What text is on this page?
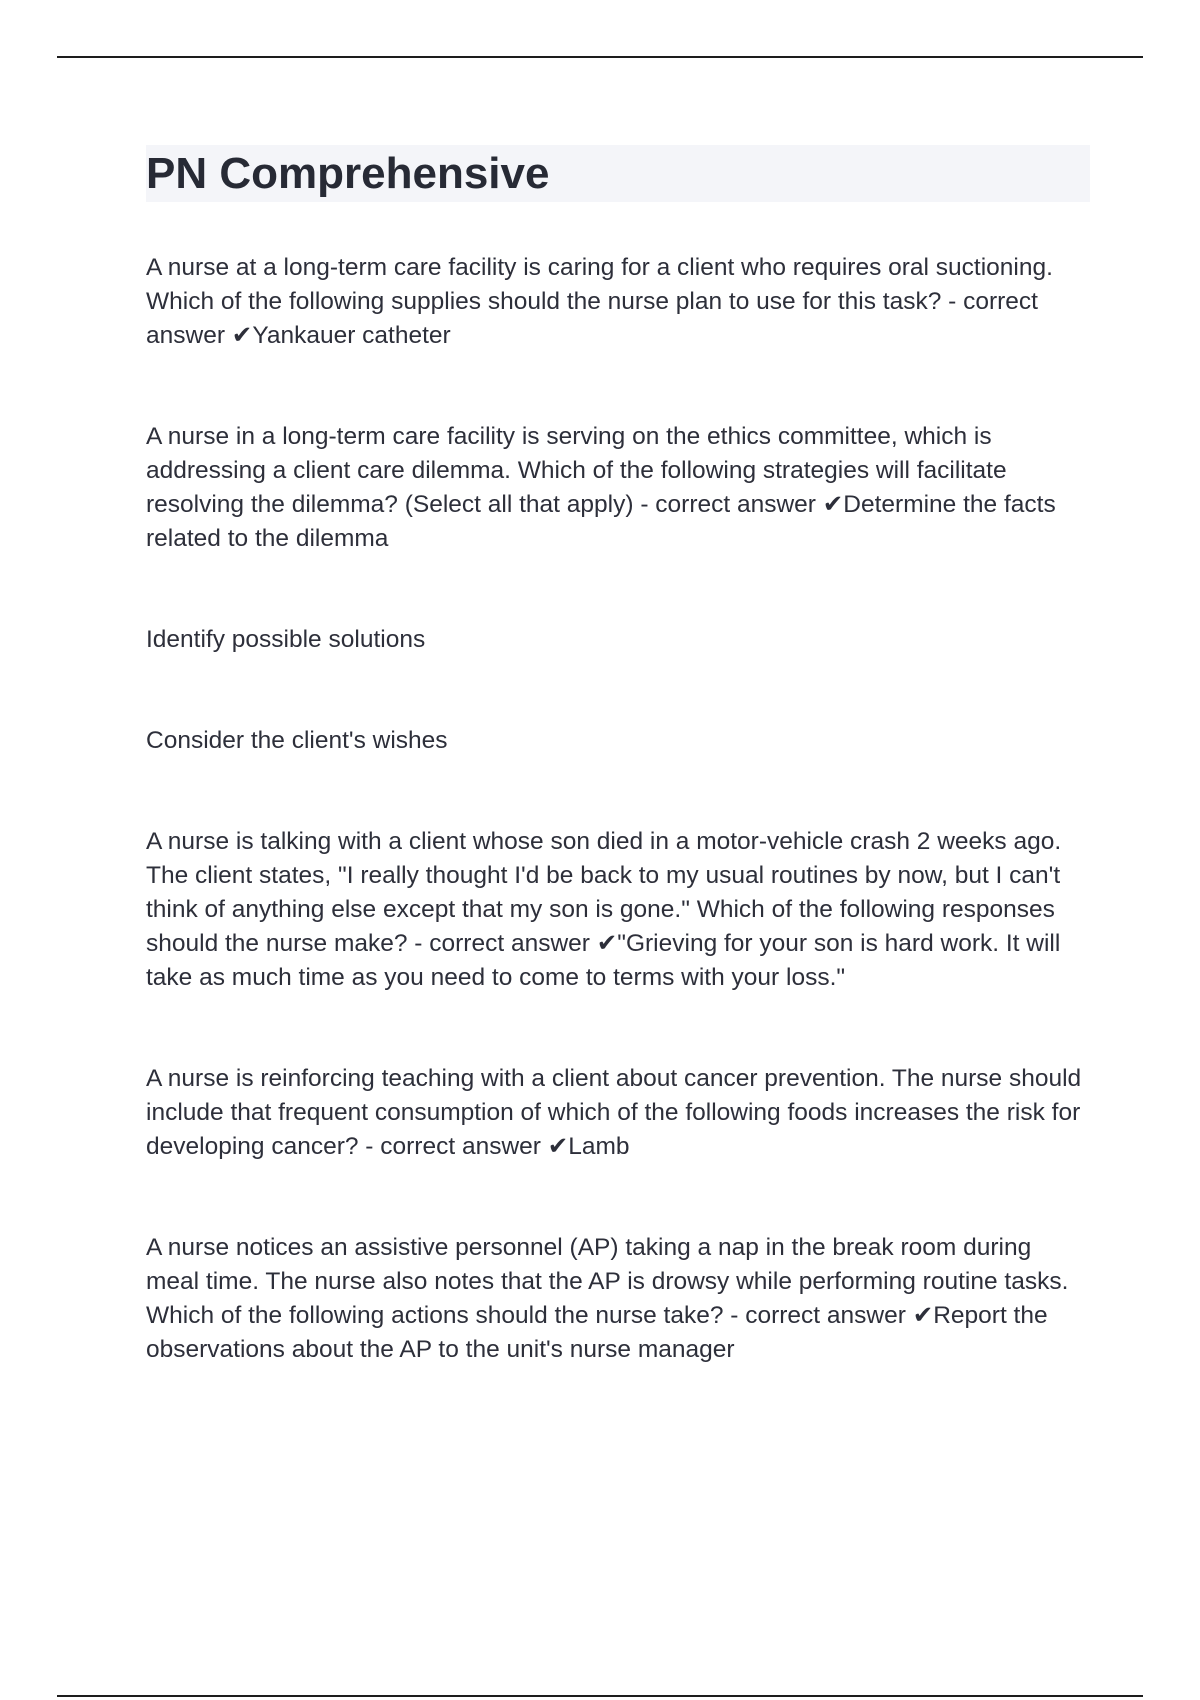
PN Comprehensive

A nurse at a long-term care facility is caring for a client who requires oral suctioning. Which of the following supplies should the nurse plan to use for this task? - correct answer ✔Yankauer catheter

A nurse in a long-term care facility is serving on the ethics committee, which is addressing a client care dilemma. Which of the following strategies will facilitate resolving the dilemma? (Select all that apply) - correct answer ✔Determine the facts related to the dilemma

Identify possible solutions

Consider the client's wishes

A nurse is talking with a client whose son died in a motor-vehicle crash 2 weeks ago. The client states, "I really thought I'd be back to my usual routines by now, but I can't think of anything else except that my son is gone." Which of the following responses should the nurse make? - correct answer ✔"Grieving for your son is hard work. It will take as much time as you need to come to terms with your loss."

A nurse is reinforcing teaching with a client about cancer prevention. The nurse should include that frequent consumption of which of the following foods increases the risk for developing cancer? - correct answer ✔Lamb

A nurse notices an assistive personnel (AP) taking a nap in the break room during meal time. The nurse also notes that the AP is drowsy while performing routine tasks. Which of the following actions should the nurse take? - correct answer ✔Report the observations about the AP to the unit's nurse manager
